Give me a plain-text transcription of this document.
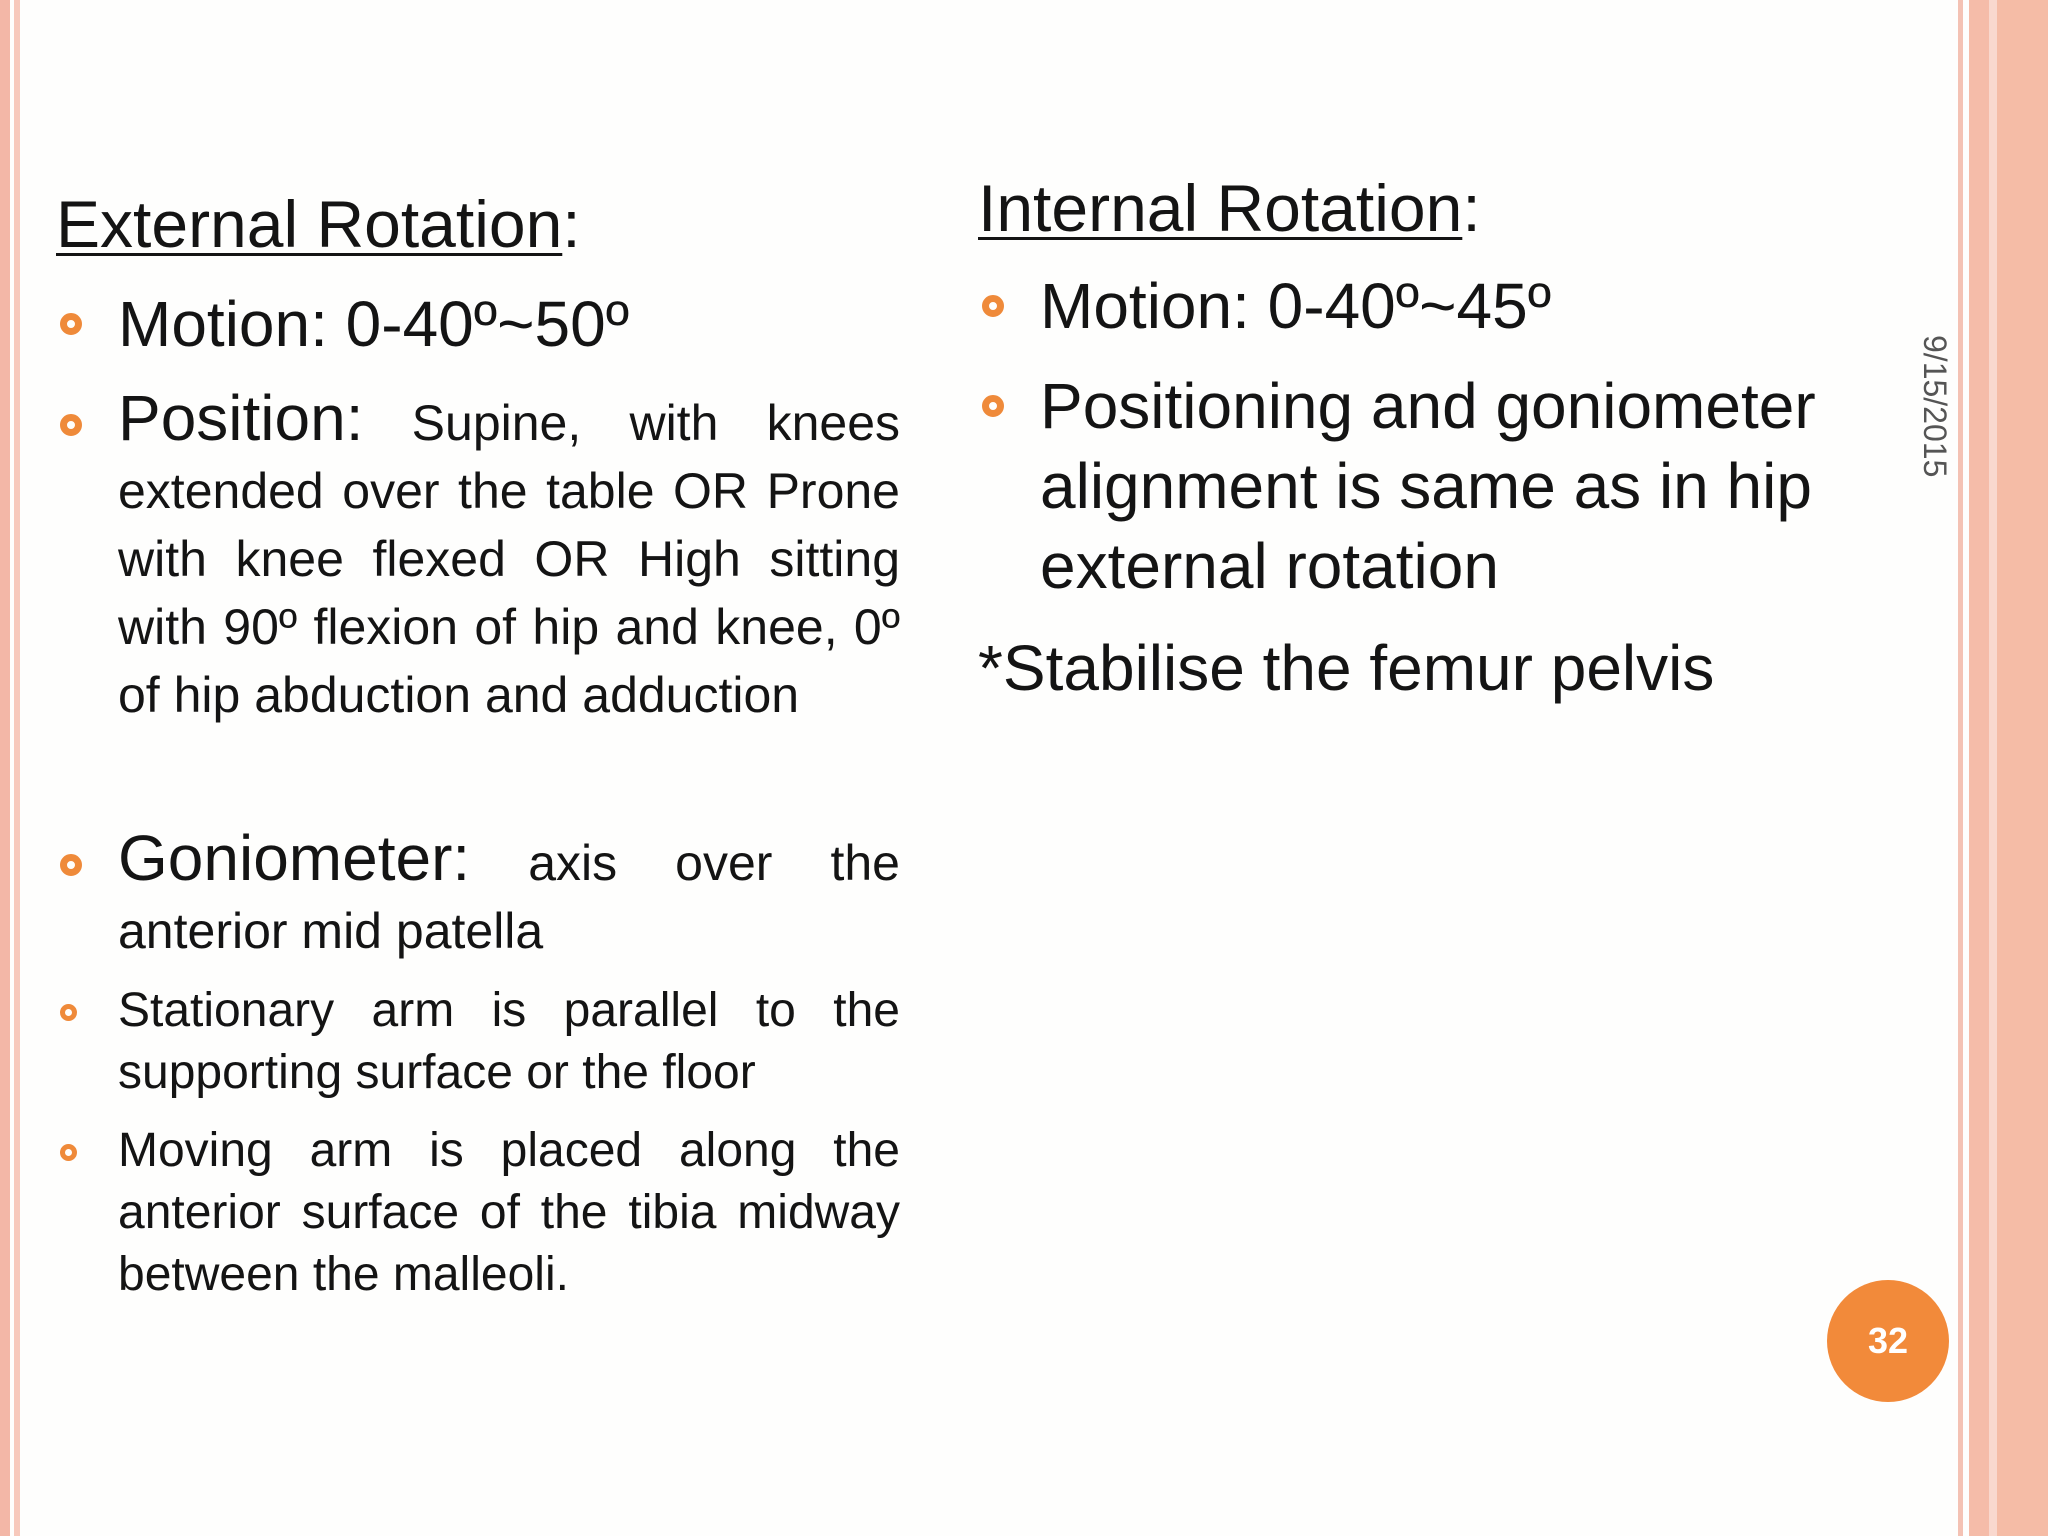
External Rotation:
Motion: 0-40º~50º
Position: Supine, with knees extended over the table OR Prone with knee flexed OR High sitting with 90º flexion of hip and knee, 0º of hip abduction and adduction
Goniometer: axis over the anterior mid patella
Stationary arm is parallel to the supporting surface or the floor
Moving arm is placed along the anterior surface of the tibia midway between the malleoli.
Internal Rotation:
Motion: 0-40º~45º
Positioning and goniometer alignment is same as in hip external rotation
*Stabilise the femur pelvis
9/15/2015
32
